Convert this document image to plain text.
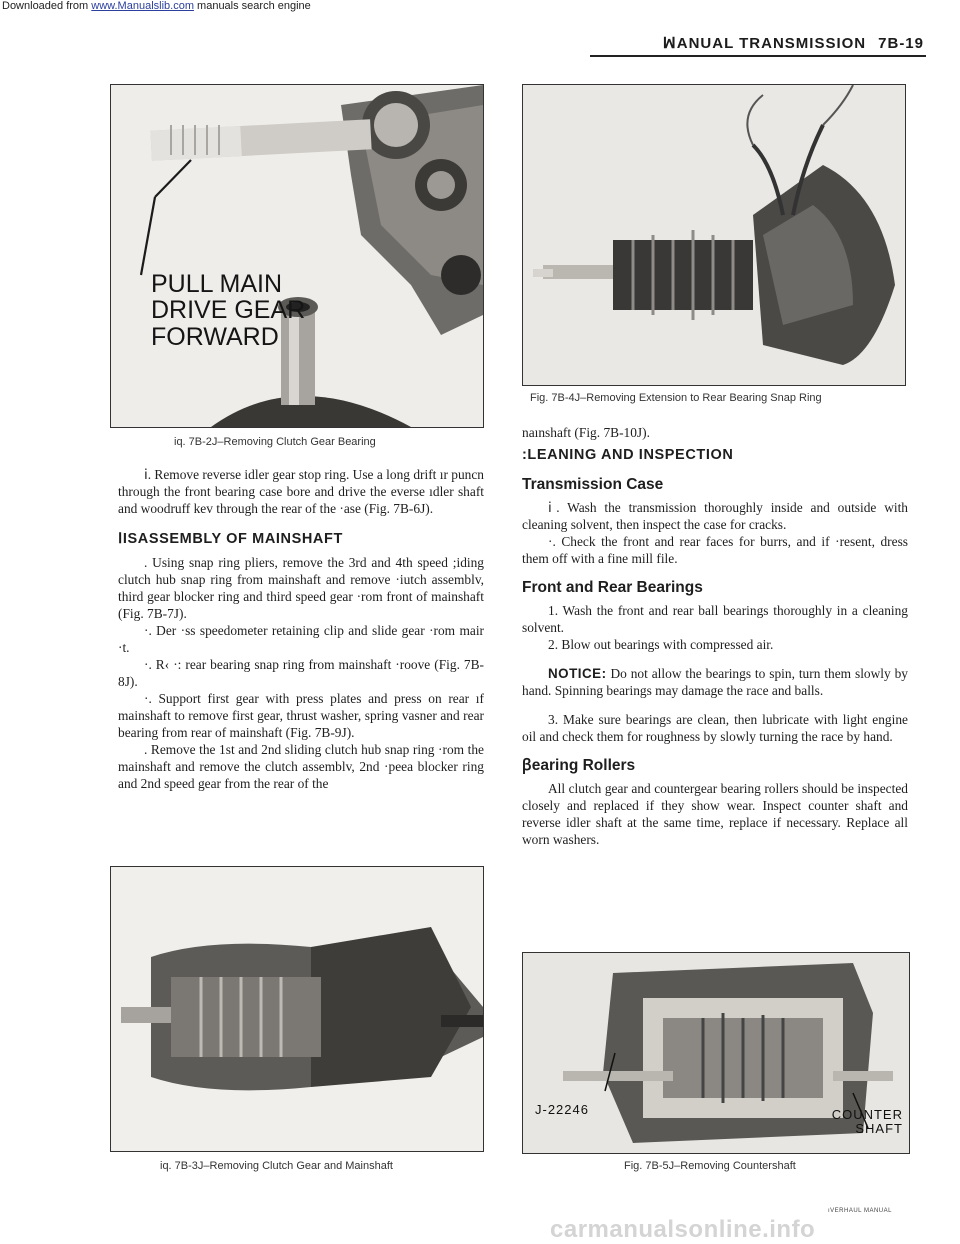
Downloaded from www.Manualslib.com manuals search engine
ꟽANUAL TRANSMISSION 7B-19
PULL MAIN
DRIVE GEAR
FORWARD
iq. 7B-2J–Removing Clutch Gear Bearing

ⅰ. Remove reverse idler gear stop ring. Use a long drift ır puncn through the front bearing case bore and drive the everse ıdler shaft and woodruff kev through the rear of the ·ase (Fig. 7B-6J).

ⅠISASSEMBLY OF MAINSHAFT

. Using snap ring pliers, remove the 3rd and 4th speed ;iding clutch hub snap ring from mainshaft and remove ·iutch assemblv, third gear blocker ring and third speed gear ·rom front of mainshaft (Fig. 7B-7J).

·. Der ·ss speedometer retaining clip and slide gear ·rom mair ·t.

·. R‹ ·: rear bearing snap ring from mainshaft ·roove (Fig. 7B-8J).

·. Support first gear with press plates and press on rear ıf mainshaft to remove first gear, thrust washer, spring vasner and rear bearing from rear of mainshaft (Fig. 7B-9J).

. Remove the 1st and 2nd sliding clutch hub snap ring ·rom the mainshaft and remove the clutch assemblv, 2nd ·peea blocker ring and 2nd speed gear from the rear of the

iq. 7B-3J–Removing Clutch Gear and Mainshaft
Fig. 7B-4J–Removing Extension to Rear Bearing Snap Ring

naınshaft (Fig. 7B-10J).

:LEANING AND INSPECTION
Transmission Case

ⅰ. Wash the transmission thoroughly inside and outside with cleaning solvent, then inspect the case for cracks.

·. Check the front and rear faces for burrs, and if ·resent, dress them off with a fine mill file.

Front and Rear Bearings

1. Wash the front and rear ball bearings thoroughly in a cleaning solvent.

2. Blow out bearings with compressed air.

NOTICE: Do not allow the bearings to spin, turn them slowly by hand. Spinning bearings may damage the race and balls.

3. Make sure bearings are clean, then lubricate with light engine oil and check them for roughness by slowly turning the race by hand.

ꞵearing Rollers

All clutch gear and countergear bearing rollers should be inspected closely and replaced if they show wear. Inspect counter shaft and reverse idler shaft at the same time, replace if necessary. Replace all worn washers.

J-22246	COUNTER
SHAFT
Fig. 7B-5J–Removing Countershaft
ıVERHAUL MANUAL
carmanualsonline.info
